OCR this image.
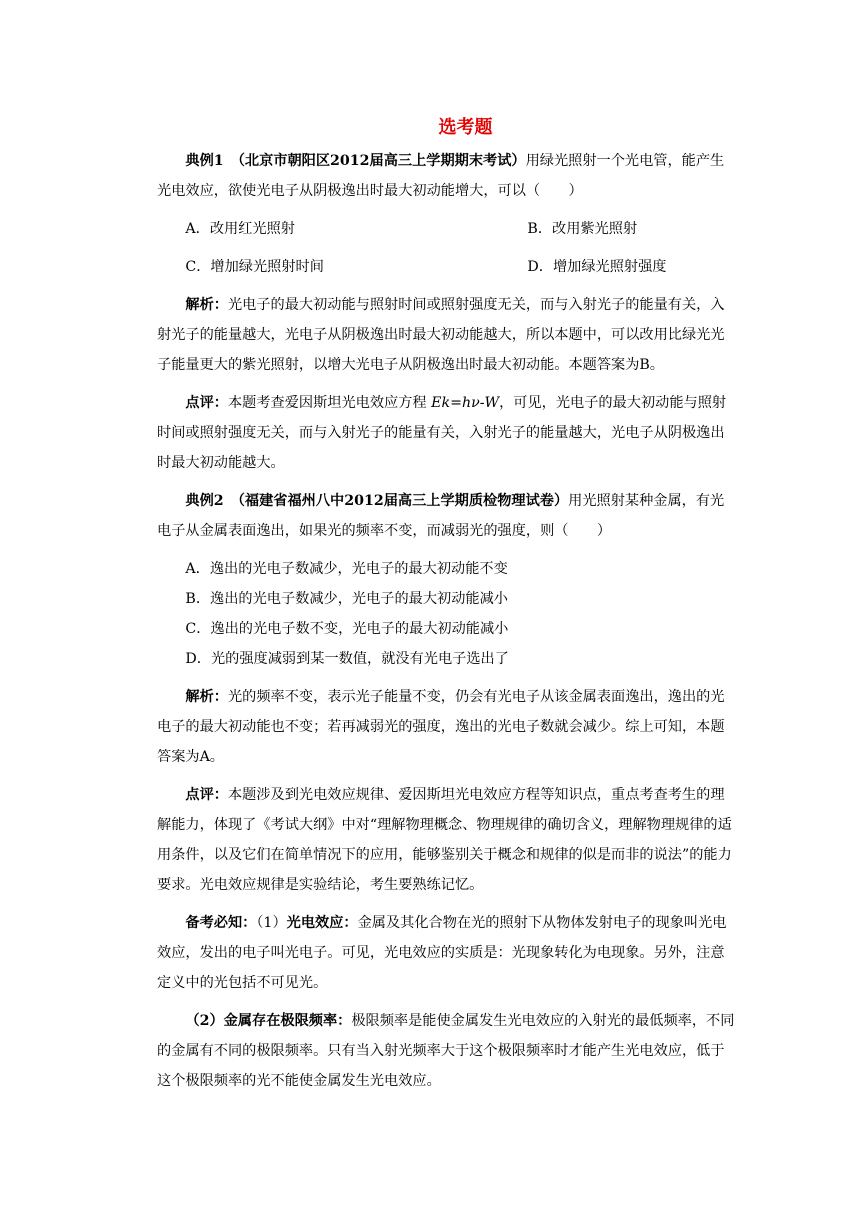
选考题

典例1　 （北京市朝阳区2012届高三上学期期末考试）用绿光照射一个光电管，能产生光电效应，欲使光电子从阴极逸出时最大初动能增大，可以（　　）

A．改用红光照射	B．改用紫光照射
C．增加绿光照射时间	D．增加绿光照射强度

解析：光电子的最大初动能与照射时间或照射强度无关，而与入射光子的能量有关，入射光子的能量越大，光电子从阴极逸出时最大初动能越大，所以本题中，可以改用比绿光光子能量更大的紫光照射，以增大光电子从阴极逸出时最大初动能。本题答案为B。

点评：本题考查爱因斯坦光电效应方程 Ek=hν-W，可见，光电子的最大初动能与照射时间或照射强度无关，而与入射光子的能量有关，入射光子的能量越大，光电子从阴极逸出时最大初动能越大。

典例2　 （福建省福州八中2012届高三上学期质检物理试卷）用光照射某种金属，有光电子从金属表面逸出，如果光的频率不变，而减弱光的强度，则（　　）

A．逸出的光电子数减少，光电子的最大初动能不变
B．逸出的光电子数减少，光电子的最大初动能减小
C．逸出的光电子数不变，光电子的最大初动能减小
D．光的强度减弱到某一数值，就没有光电子选出了

解析：光的频率不变，表示光子能量不变，仍会有光电子从该金属表面逸出，逸出的光电子的最大初动能也不变；若再减弱光的强度，逸出的光电子数就会减少。综上可知，本题答案为A。

点评：本题涉及到光电效应规律、爱因斯坦光电效应方程等知识点，重点考查考生的理解能力，体现了《考试大纲》中对“理解物理概念、物理规律的确切含义，理解物理规律的适用条件，以及它们在简单情况下的应用，能够鉴别关于概念和规律的似是而非的说法”的能力要求。光电效应规律是实验结论，考生要熟练记忆。

备考必知：（1）光电效应：金属及其化合物在光的照射下从物体发射电子的现象叫光电效应，发出的电子叫光电子。可见，光电效应的实质是：光现象转化为电现象。另外，注意定义中的光包括不可见光。

（2）金属存在极限频率：极限频率是能使金属发生光电效应的入射光的最低频率，不同的金属有不同的极限频率。只有当入射光频率大于这个极限频率时才能产生光电效应，低于这个极限频率的光不能使金属发生光电效应。
